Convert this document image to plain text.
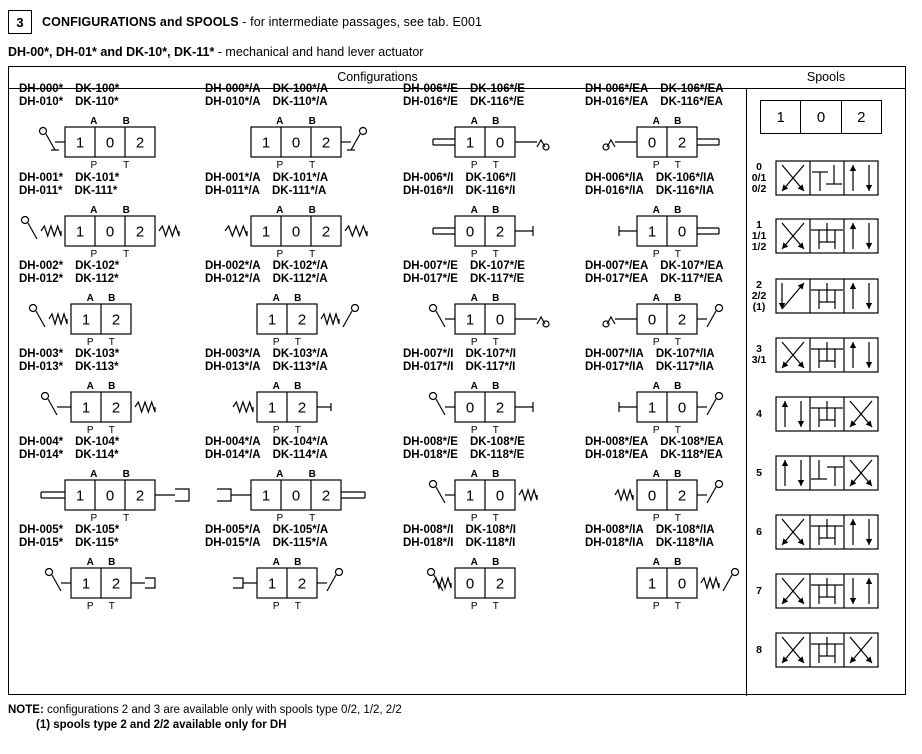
3	CONFIGURATIONS and SPOOLS - for intermediate passages, see tab. E001
DH-00*, DH-01* and DK-10*, DK-11* - mechanical and hand lever actuator
Configurations	Spools
DH-000* DK-100*
DH-010* DK-110*
1 0 2
A	B
P	T
DH-000*/A DK-100*/A
DH-010*/A DK-110*/A
1 0 2
A	B
P	T
DH-006*/E DK-106*/E
DH-016*/E DK-116*/E
1 0
A B
P T
DH-006*/EA DK-106*/EA
DH-016*/EA DK-116*/EA
0 2
A B
P T
DH-001* DK-101*
DH-011* DK-111*
1 0 2
A	B
P	T
DH-001*/A DK-101*/A
DH-011*/A DK-111*/A
1 0 2
A	B
P	T
DH-006*/I DK-106*/I
DH-016*/I DK-116*/I
0 2
A B
P T
DH-006*/IA DK-106*/IA
DH-016*/IA DK-116*/IA
1 0
A B
P T
DH-002* DK-102*
DH-012* DK-112*
1 2
A B
P T
DH-002*/A DK-102*/A
DH-012*/A DK-112*/A
1 2
A B
P T
DH-007*/E DK-107*/E
DH-017*/E DK-117*/E
1 0
A B
P T
DH-007*/EA DK-107*/EA
DH-017*/EA DK-117*/EA
0 2
A B
P T
DH-003* DK-103*
DH-013* DK-113*
1 2
A B
P T
DH-003*/A DK-103*/A
DH-013*/A DK-113*/A
1 2
A B
P T
DH-007*/I DK-107*/I
DH-017*/I DK-117*/I
0 2
A B
P T
DH-007*/IA DK-107*/IA
DH-017*/IA DK-117*/IA
1 0
A B
P T
DH-004* DK-104*
DH-014* DK-114*
1 0 2
A	B
P	T
DH-004*/A DK-104*/A
DH-014*/A DK-114*/A
1 0 2
A	B
P	T
DH-008*/E DK-108*/E
DH-018*/E DK-118*/E
1 0
A B
P T
DH-008*/EA DK-108*/EA
DH-018*/EA DK-118*/EA
0 2
A B
P T
DH-005* DK-105*
DH-015* DK-115*
1 2
A B
P T
DH-005*/A DK-105*/A
DH-015*/A DK-115*/A
1 2
A B
P T
DH-008*/I DK-108*/I
DH-018*/I DK-118*/I
0 2
A B
P T
DH-008*/IA DK-108*/IA
DH-018*/IA DK-118*/IA
1 0
A B
P T
1	0	2
0
0/1
0/2
1
1/1
1/2
2
2/2
(1)
3
3/1
4
5
6
7
8
NOTE: configurations 2 and 3 are available only with spools type 0/2, 1/2, 2/2
(1) spools type 2 and 2/2 available only for DH
